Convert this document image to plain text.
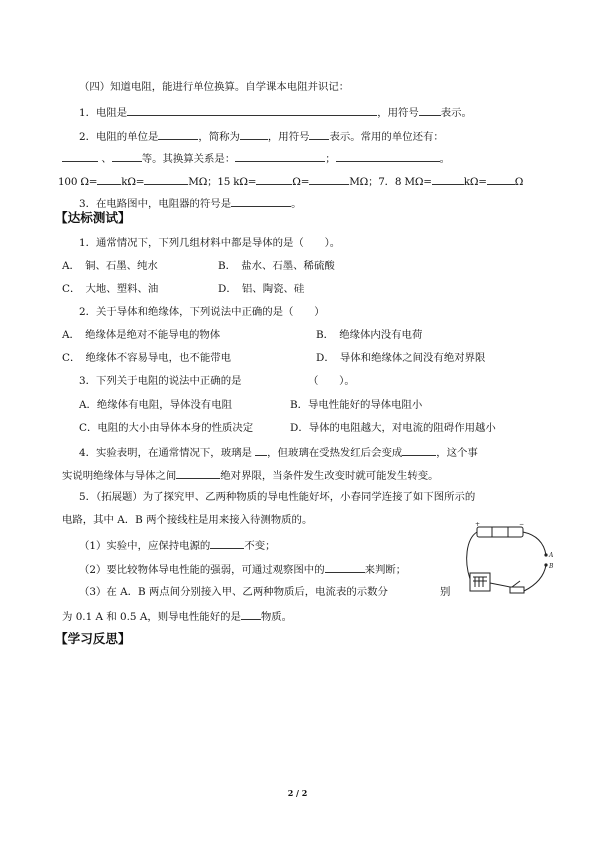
（四）知道电阻，能进行单位换算。自学课本电阻并识记：
1．电阻是	，用符号 表示。
2．电阻的单位是	，简称为	，用符号 表示。常用的单位还有：
、	等。其换算关系是：	；	。
100 Ω= kΩ=	MΩ；15 kΩ=	Ω=	MΩ；7．8 MΩ=	kΩ=	Ω
3．在电路图中，电阻器的符号是	。
【达标测试】
1．通常情况下，下列几组材料中都是导体的是（　　）。
A．　铜、石墨、纯水	B．　盐水、石墨、稀硫酸
C．　大地、塑料、油	D．　铝、陶瓷、硅
2．关于导体和绝缘体，下列说法中正确的是（　　）
A．　绝缘体是绝对不能导电的物体	B．　绝缘体内没有电荷
C．　绝缘体不容易导电，也不能带电	D．　导体和绝缘体之间没有绝对界限
3．下列关于电阻的说法中正确的是	（　　）。
A．绝缘体有电阻，导体没有电阻	B．导电性能好的导体电阻小
C．电阻的大小由导体本身的性质决定	D．导体的电阻越大，对电流的阻碍作用越小
4．实验表明，在通常情况下，玻璃是 ，但玻璃在受热发红后会变成	，这个事
实说明绝缘体与导体之间	绝对界限，当条件发生改变时就可能发生转变。
5．（拓展题）为了探究甲、乙两种物质的导电性能好坏，小春同学连接了如下图所示的
电路，其中 A．B 两个接线柱是用来接入待测物质的。
（1）实验中，应保持电源的	不变；
（2）要比较物体导电性能的强弱，可通过观察图中的	来判断；
（3）在 A．B 两点间分别接入甲、乙两种物质后，电流表的示数分	别
为 0.1 A 和 0.5 A，则导电性能好的是 物质。
+	−
A
B
【学习反思】
2 / 2
